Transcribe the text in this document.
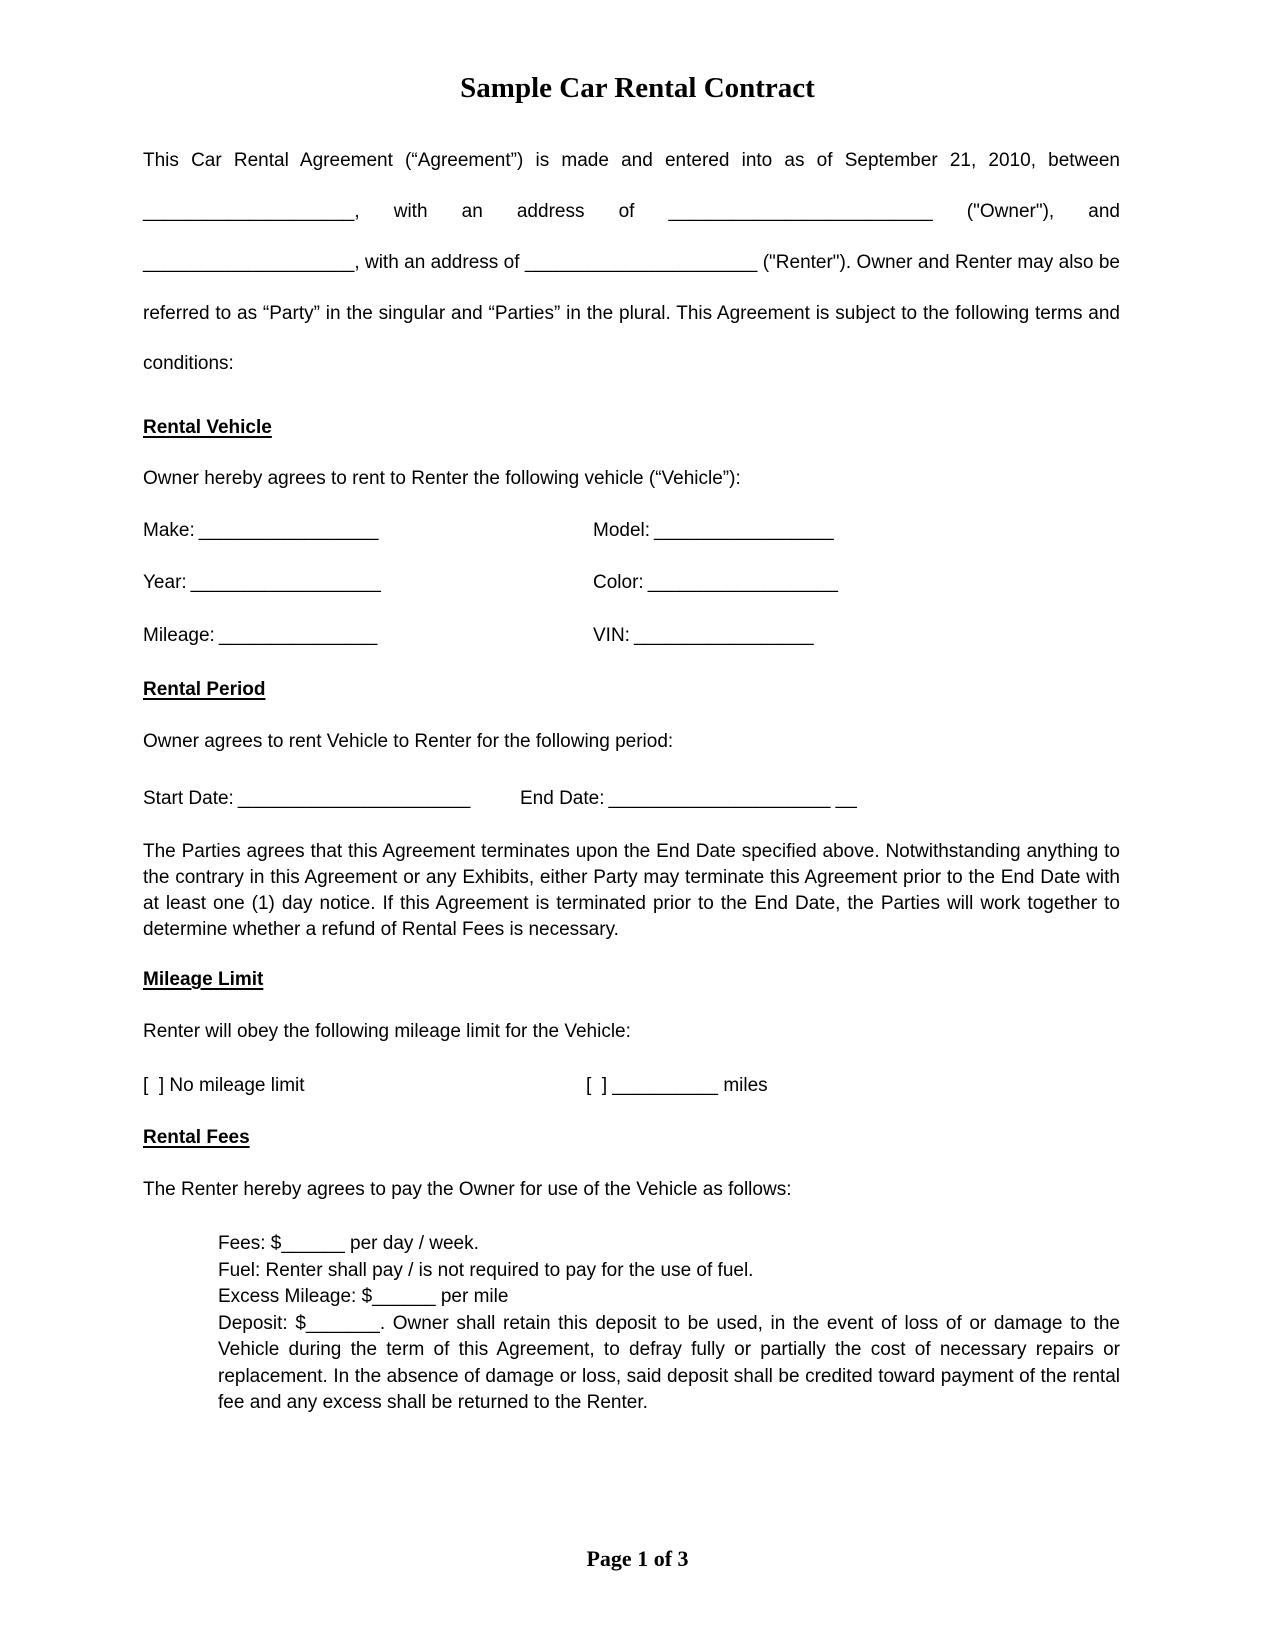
Sample Car Rental Contract
This Car Rental Agreement (“Agreement”) is made and entered into as of September 21, 2010, between
____________________, with an address of _________________________ ("Owner"), and
____________________, with an address of ______________________ ("Renter"). Owner and Renter may also be
referred to as “Party” in the singular and “Parties” in the plural. This Agreement is subject to the following terms and
conditions:
Rental Vehicle
Owner hereby agrees to rent to Renter the following vehicle (“Vehicle”):
Make: _________________	Model: _________________
Year: __________________	Color: __________________
Mileage: _______________	VIN: _________________
Rental Period
Owner agrees to rent Vehicle to Renter for the following period:
Start Date: ______________________	End Date: _____________________ __
The Parties agrees that this Agreement terminates upon the End Date specified above. Notwithstanding anything to the contrary in this Agreement or any Exhibits, either Party may terminate this Agreement prior to the End Date with at least one (1) day notice. If this Agreement is terminated prior to the End Date, the Parties will work together to determine whether a refund of Rental Fees is necessary.
Mileage Limit
Renter will obey the following mileage limit for the Vehicle:
[  ] No mileage limit	[  ] __________ miles
Rental Fees
The Renter hereby agrees to pay the Owner for use of the Vehicle as follows:
Fees: $______ per day / week.
Fuel: Renter shall pay / is not required to pay for the use of fuel.
Excess Mileage: $______ per mile
Deposit: $_______. Owner shall retain this deposit to be used, in the event of loss of or damage to the Vehicle during the term of this Agreement, to defray fully or partially the cost of necessary repairs or replacement. In the absence of damage or loss, said deposit shall be credited toward payment of the rental fee and any excess shall be returned to the Renter.
Page 1 of 3
